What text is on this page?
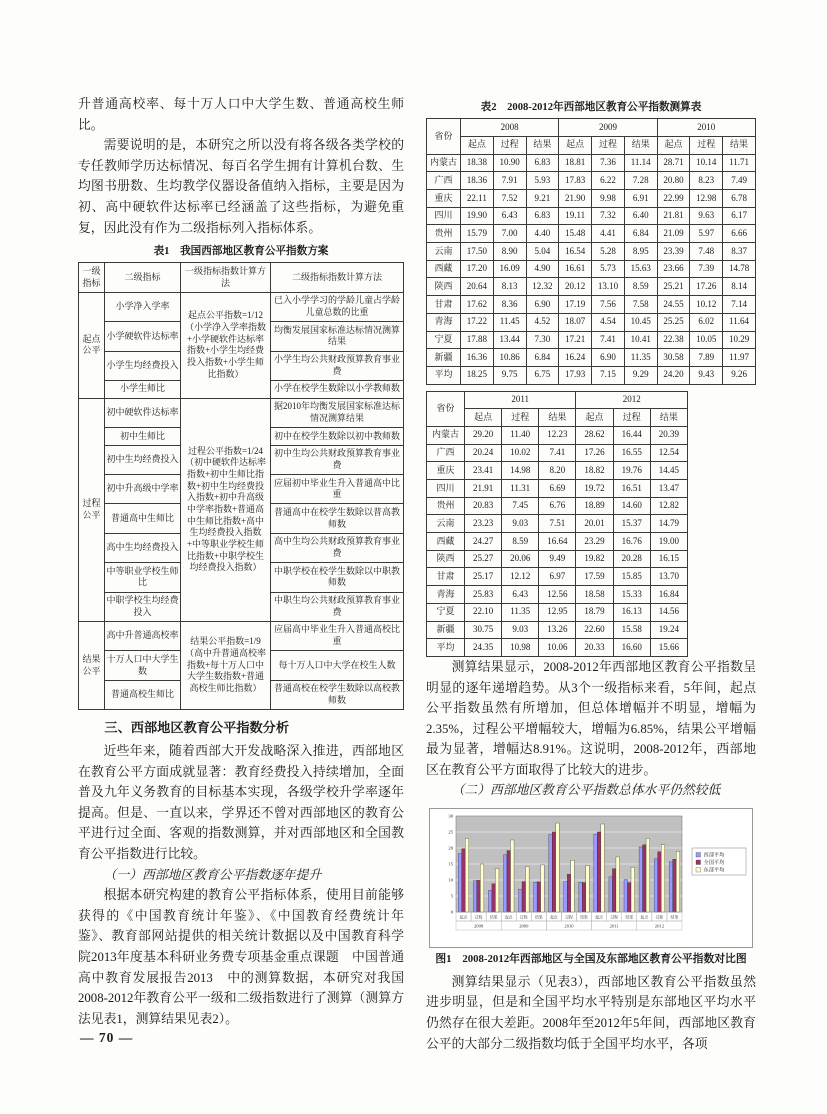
升普通高校率、每十万人口中大学生数、普通高校生师比。

需要说明的是，本研究之所以没有将各级各类学校的专任教师学历达标情况、每百名学生拥有计算机台数、生均图书册数、生均教学仪器设备值纳入指标，主要是因为初、高中硬软件达标率已经涵盖了这些指标，为避免重复，因此没有作为二级指标列入指标体系。

表1　我国西部地区教育公平指数方案
一级指标	二级指标	一级指标指数计算方法	二级指标指数计算方法
起点公平	小学净入学率	起点公平指数=1/12（小学净入学率指数+小学硬软件达标率指数+小学生均经费投入指数+小学生师比指数）	已入小学学习的学龄儿童占学龄儿童总数的比重
	小学硬软件达标率		均衡发展国家标准达标情况测算结果
	小学生均经费投入		小学生均公共财政预算教育事业费
	小学生师比		小学在校学生数除以小学教师数
过程公平	初中硬软件达标率	过程公平指数=1/24（初中硬软件达标率指数+初中生师比指数+初中生均经费投入指数+初中升高级中学率指数+普通高中生师比指数+高中生均经费投入指数+中等职业学校生师比指数+中职学校生均经费投入指数）	据2010年均衡发展国家标准达标情况测算结果
	初中生师比		初中在校学生数除以初中教师数
	初中生均经费投入		初中生均公共财政预算教育事业费
	初中升高级中学率		应届初中毕业生升入普通高中比重
	普通高中生师比		普通高中在校学生数除以普高教师数
	高中生均经费投入		高中生均公共财政预算教育事业费
	中等职业学校生师比		中职学校在校学生数除以中职教师数
	中职学校生均经费投入		中职生均公共财政预算教育事业费
结果公平	高中升普通高校率	结果公平指数=1/9（高中升普通高校率指数+每十万人口中大学生数指数+普通高校生师比指数）	应届高中毕业生升入普通高校比重
	十万人口中大学生数		每十万人口中大学在校生人数
	普通高校生师比		普通高校在校学生数除以高校教师数
三、西部地区教育公平指数分析

近些年来，随着西部大开发战略深入推进，西部地区在教育公平方面成就显著：教育经费投入持续增加，全面普及九年义务教育的目标基本实现，各级学校升学率逐年提高。但是、一直以来，学界还不曾对西部地区的教育公平进行过全面、客观的指数测算，并对西部地区和全国教育公平指数进行比较。

（一）西部地区教育公平指数逐年提升

根据本研究构建的教育公平指标体系，使用目前能够获得的《中国教育统计年鉴》、《中国教育经费统计年鉴》、教育部网站提供的相关统计数据以及中国教育科学院2013年度基本科研业务费专项基金重点课题　中国普通高中教育发展报告2013　中的测算数据，本研究对我国2008-2012年教育公平一级和二级指数进行了测算（测算方法见表1，测算结果见表2）。

表2　2008-2012年西部地区教育公平指数测算表
省份	2008			2009			2010		
	起点	过程	结果	起点	过程	结果	起点	过程	结果
内蒙古	18.38	10.90	6.83	18.81	7.36	11.14	28.71	10.14	11.71
广西	18.36	7.91	5.93	17.83	6.22	7.28	20.80	8.23	7.49
重庆	22.11	7.52	9.21	21.90	9.98	6.91	22.99	12.98	6.78
四川	19.90	6.43	6.83	19.11	7.32	6.40	21.81	9.63	6.17
贵州	15.79	7.00	4.40	15.48	4.41	6.84	21.09	5.97	6.66
云南	17.50	8.90	5.04	16.54	5.28	8.95	23.39	7.48	8.37
西藏	17.20	16.09	4.90	16.61	5.73	15.63	23.66	7.39	14.78
陕西	20.64	8.13	12.32	20.12	13.10	8.59	25.21	17.26	8.14
甘肃	17.62	8.36	6.90	17.19	7.56	7.58	24.55	10.12	7.14
青海	17.22	11.45	4.52	18.07	4.54	10.45	25.25	6.02	11.64
宁夏	17.88	13.44	7.30	17.21	7.41	10.41	22.38	10.05	10.29
新疆	16.36	10.86	6.84	16.24	6.90	11.35	30.58	7.89	11.97
平均	18.25	9.75	6.75	17.93	7.15	9.29	24.20	9.43	9.26
省份	2011			2012		
	起点	过程	结果	起点	过程	结果
内蒙古	29.20	11.40	12.23	28.62	16.44	20.39
广西	20.24	10.02	7.41	17.26	16.55	12.54
重庆	23.41	14.98	8.20	18.82	19.76	14.45
四川	21.91	11.31	6.69	19.72	16.51	13.47
贵州	20.83	7.45	6.76	18.89	14.60	12.82
云南	23.23	9.03	7.51	20.01	15.37	14.79
西藏	24.27	8.59	16.64	23.29	16.76	19.00
陕西	25.27	20.06	9.49	19.82	20.28	16.15
甘肃	25.17	12.12	6.97	17.59	15.85	13.70
青海	25.83	6.43	12.56	18.58	15.33	16.84
宁夏	22.10	11.35	12.95	18.79	16.13	14.56
新疆	30.75	9.03	13.26	22.60	15.58	19.24
平均	24.35	10.98	10.06	20.33	16.60	15.66

测算结果显示，2008-2012年西部地区教育公平指数呈明显的逐年递增趋势。从3个一级指标来看，5年间，起点公平指数虽然有所增加，但总体增幅并不明显，增幅为2.35%，过程公平增幅较大，增幅为6.85%，结果公平增幅最为显著，增幅达8.91%。这说明，2008-2012年，西部地区在教育公平方面取得了比较大的进步。

（二）西部地区教育公平指数总体水平仍然较低

0
5
10
15
20
25
30
起点 过程 结果 起点 过程 结果 起点 过程 结果 起点 过程 结果 起点 过程 结果
2008	2009	2010	2011	2012
西部平均
全国平均
东部平均
图1　2008-2012年西部地区与全国及东部地区教育公平指数对比图

测算结果显示（见表3），西部地区教育公平指数虽然进步明显，但是和全国平均水平特别是东部地区平均水平仍然存在很大差距。2008年至2012年5年间，西部地区教育公平的大部分二级指数均低于全国平均水平，各项

— 70 —
